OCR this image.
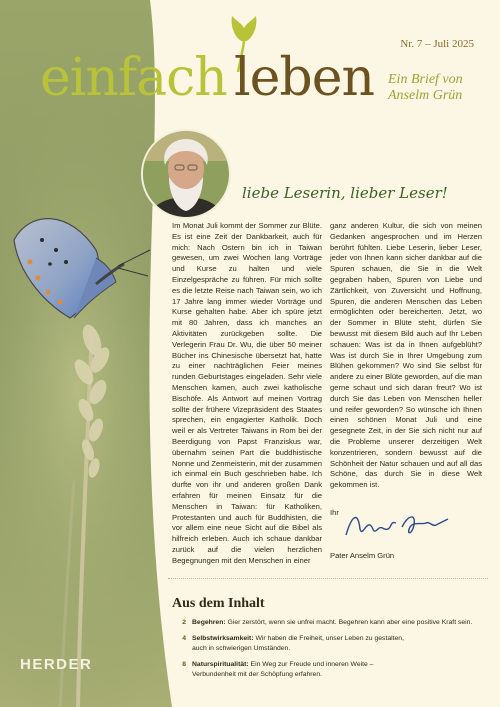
Nr. 7 – Juli 2025
einfach leben Ein Brief von
Anselm Grün
liebe Leserin, lieber Leser!
Im Monat Juli kommt der Sommer zur Blüte. Es ist eine Zeit der Dankbarkeit, auch für mich: Nach Ostern bin ich in Taiwan gewesen, um zwei Wochen lang Vorträge und Kurse zu halten und viele Einzelgespräche zu führen. Für mich sollte es die letzte Reise nach Taiwan sein, wo ich 17 Jahre lang immer wieder Vorträge und Kurse gehalten habe. Aber ich spüre jetzt mit 80 Jahren, dass ich manches an Aktivitäten zurückgeben sollte. Die Verlegerin Frau Dr. Wu, die über 50 meiner Bücher ins Chinesische übersetzt hat, hatte zu einer nachträglichen Feier meines runden Geburtstages eingeladen. Sehr viele Menschen kamen, auch zwei katholische Bischöfe. Als Antwort auf meinen Vortrag sollte der frühere Vizepräsident des Staates sprechen, ein engagierter Katholik. Doch weil er als Vertreter Taiwans in Rom bei der Beerdigung von Papst Franziskus war, übernahm seinen Part die buddhistische Nonne und Zenmeisterin, mit der zusammen ich einmal ein Buch geschrieben habe. Ich durfte von ihr und anderen großen Dank erfahren für meinen Einsatz für die Menschen in Taiwan: für Katholiken, Protestanten und auch für Buddhisten, die vor allem eine neue Sicht auf die Bibel als hilfreich erleben. Auch ich schaue dankbar zurück auf die vielen herzlichen Begegnungen mit den Menschen in einer
ganz anderen Kultur, die sich von meinen Gedanken angesprochen und im Herzen berührt fühlten. Liebe Leserin, lieber Leser, jeder von Ihnen kann sicher dankbar auf die Spuren schauen, die Sie in die Welt gegraben haben, Spuren von Liebe und Zärtlichkeit, von Zuversicht und Hoffnung, Spuren, die anderen Menschen das Leben ermöglichten oder bereicherten. Jetzt, wo der Sommer in Blüte steht, dürfen Sie bewusst mit diesem Bild auch auf Ihr Leben schauen: Was ist da in Ihnen aufgeblüht? Was ist durch Sie in Ihrer Umgebung zum Blühen gekommen? Wo sind Sie selbst für andere zu einer Blüte geworden, auf die man gerne schaut und sich daran freut? Wo ist durch Sie das Leben von Menschen heller und reifer geworden? So wünsche ich Ihnen einen schönen Monat Juli und eine gesegnete Zeit, in der Sie sich nicht nur auf die Probleme unserer derzeitigen Welt konzentrieren, sondern bewusst auf die Schönheit der Natur schauen und auf all das Schöne, das durch Sie in diese Welt gekommen ist.
Ihr
Pater Anselm Grün
Aus dem Inhalt
2 Begehren: Gier zerstört, wenn sie unfrei macht. Begehren kann aber eine positive Kraft sein.
4 Selbstwirksamkeit: Wir haben die Freiheit, unser Leben zu gestalten,
auch in schwierigen Umständen.
8 Naturspiritualität: Ein Weg zur Freude und inneren Weite –
Verbundenheit mit der Schöpfung erfahren.
HERDER
